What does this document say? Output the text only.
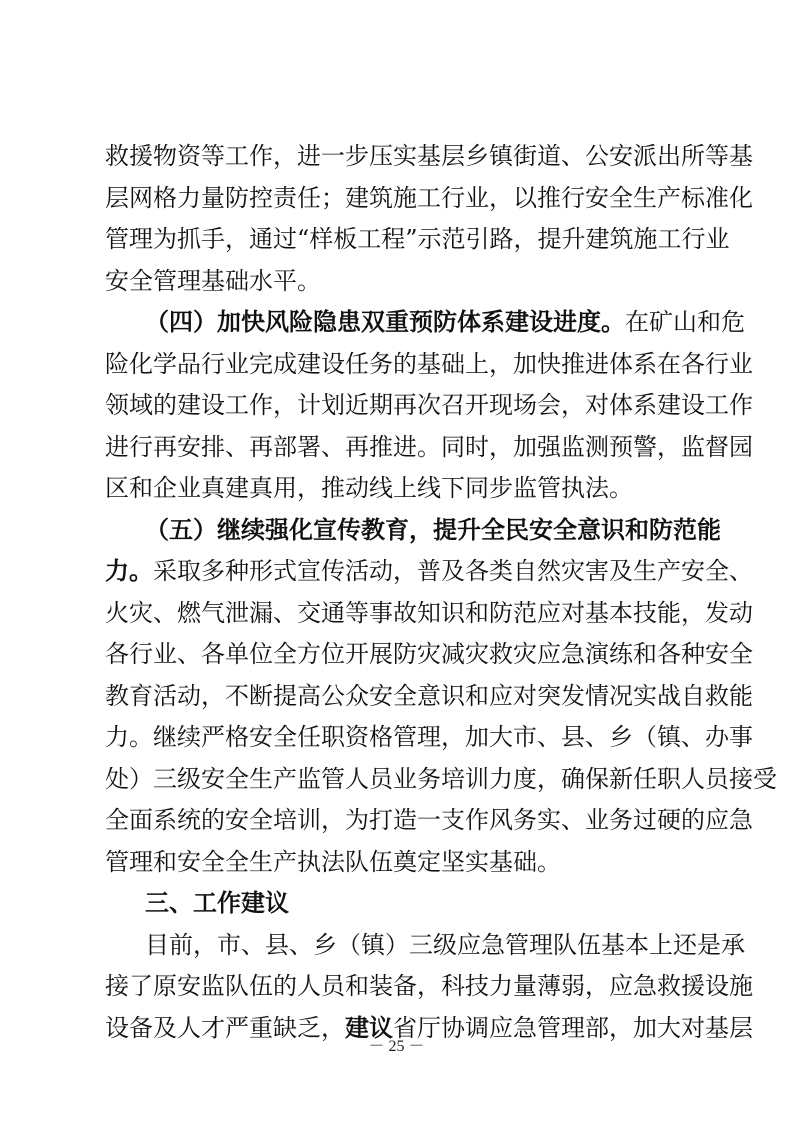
救援物资等工作，进一步压实基层乡镇街道、公安派出所等基
层网格力量防控责任；建筑施工行业，以推行安全生产标准化
管理为抓手，通过“样板工程”示范引路，提升建筑施工行业
安全管理基础水平。
（四）加快风险隐患双重预防体系建设进度。在矿山和危
险化学品行业完成建设任务的基础上，加快推进体系在各行业
领域的建设工作，计划近期再次召开现场会，对体系建设工作
进行再安排、再部署、再推进。同时，加强监测预警，监督园
区和企业真建真用，推动线上线下同步监管执法。
（五）继续强化宣传教育，提升全民安全意识和防范能
力。采取多种形式宣传活动，普及各类自然灾害及生产安全、
火灾、燃气泄漏、交通等事故知识和防范应对基本技能，发动
各行业、各单位全方位开展防灾减灾救灾应急演练和各种安全
教育活动，不断提高公众安全意识和应对突发情况实战自救能
力。继续严格安全任职资格管理，加大市、县、乡（镇、办事
处）三级安全生产监管人员业务培训力度，确保新任职人员接受
全面系统的安全培训，为打造一支作风务实、业务过硬的应急
管理和安全全生产执法队伍奠定坚实基础。
三、工作建议
目前，市、县、乡（镇）三级应急管理队伍基本上还是承
接了原安监队伍的人员和装备，科技力量薄弱，应急救援设施
设备及人才严重缺乏，建议省厅协调应急管理部，加大对基层
－ 25 －
